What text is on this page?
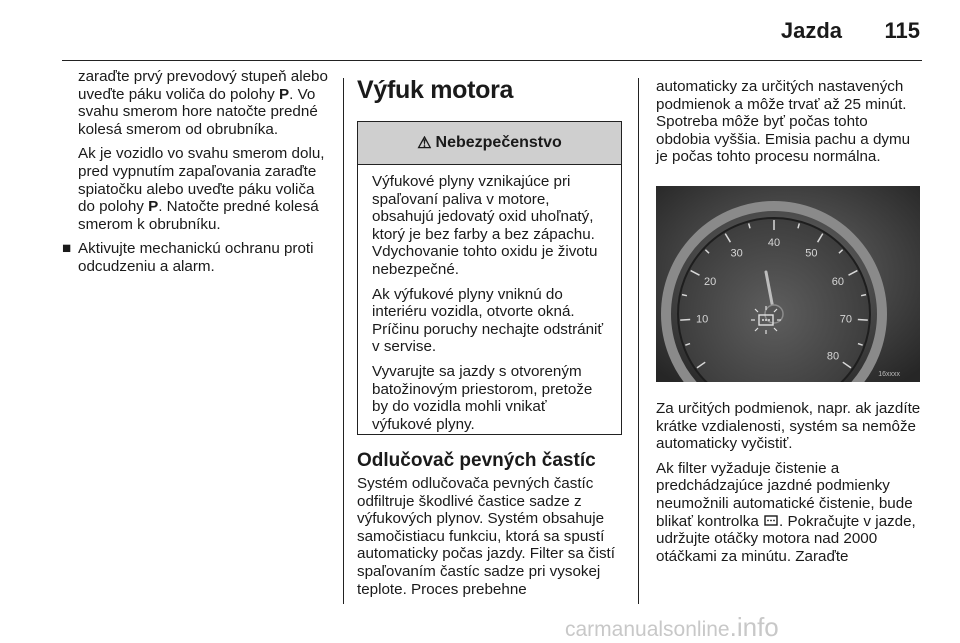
Jazda 115

zaraďte prvý prevodový stupeň alebo uveďte páku voliča do polohy P. Vo svahu smerom hore natočte predné kolesá smerom od obrubníka.

Ak je vozidlo vo svahu smerom dolu, pred vypnutím zapaľovania zaraďte spiatočku alebo uveďte páku voliča do polohy P. Natočte predné kolesá smerom k obrubníku.

■ Aktivujte mechanickú ochranu proti odcudzeniu a alarm.

Výfuk motora
⚠ Nebezpečenstvo

Výfukové plyny vznikajúce pri spaľovaní paliva v motore, obsahujú jedovatý oxid uhoľnatý, ktorý je bez farby a bez zápachu. Vdychovanie tohto oxidu je životu nebezpečné.

Ak výfukové plyny vniknú do interiéru vozidla, otvorte okná. Príčinu poruchy nechajte odstrániť v servise.

Vyvarujte sa jazdy s otvoreným batožinovým priestorom, pretože by do vozidla mohli vnikať výfukové plyny.

Odlučovač pevných častíc

Systém odlučovača pevných častíc odfiltruje škodlivé častice sadze z výfukových plynov. Systém obsahuje samočistiacu funkciu, ktorá sa spustí automaticky počas jazdy. Filter sa čistí spaľovaním častíc sadze pri vysokej teplote. Proces prebehne

automaticky za určitých nastavených podmienok a môže trvať až 25 minút. Spotreba môže byť počas tohto obdobia vyššia. Emisia pachu a dymu je počas tohto procesu normálna.

10
20
30
40
50
60
70
80
16xxxx

Za určitých podmienok, napr. ak jazdíte krátke vzdialenosti, systém sa nemôže automaticky vyčistiť.

Ak filter vyžaduje čistenie a predchádzajúce jazdné podmienky neumožnili automatické čistenie, bude blikať kontrolka . Pokračujte v jazde, udržujte otáčky motora nad 2000 otáčkami za minútu. Zaraďte

carmanualsonline.info
